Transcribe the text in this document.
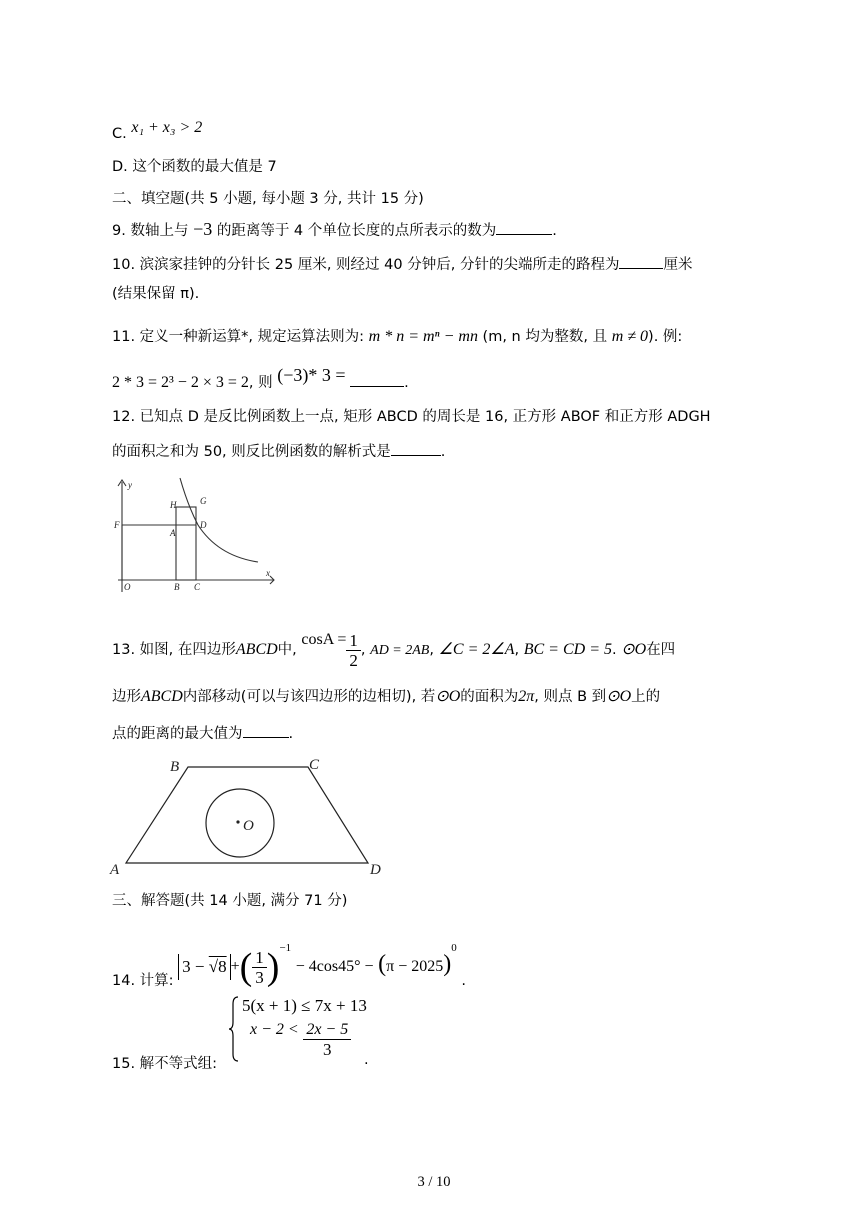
C. x₁ + x₃ > 2
D. 这个函数的最大值是 7
二、填空题(共 5 小题, 每小题 3 分, 共计 15 分)
9. 数轴上与 −3 的距离等于 4 个单位长度的点所表示的数为	.
10. 滨滨家挂钟的分针长 25 厘米, 则经过 40 分钟后, 分针的尖端所走的路程为	厘米
(结果保留 π).
11. 定义一种新运算*, 规定运算法则为: m * n = mⁿ − mn (m, n 均为整数, 且 m ≠ 0). 例:
2 * 3 = 2³ − 2 × 3 = 2, 则 (−3)* 3 =	.
12. 已知点 D 是反比例函数上一点, 矩形 ABCD 的周长是 16, 正方形 ABOF 和正方形 ADGH
的面积之和为 50, 则反比例函数的解析式是	.
y
x
H	G
F	D
A
O	B C
13. 如图, 在四边形ABCD中, $\cos A = \frac{1}{2}$ , AD = 2AB, ∠C = 2∠A, BC = CD = 5. ⊙O在四
边形ABCD内部移动(可以与该四边形的边相切), 若⊙O的面积为2π, 则点 B 到⊙O上的
点的距离的最大值为	.
B	C
A	D
O
三、解答题(共 14 小题, 满分 71 分)
14. 计算: 3 − √8 +( $\frac{1}{3} )^{-1} - 4\cos 45^\circ - (\pi - 2025)^0$ .
15. 解不等式组:
5(x + 1) ≤ 7x + 13
$x - 2 < \frac{2x - 5}{3}$
.
3 / 10
